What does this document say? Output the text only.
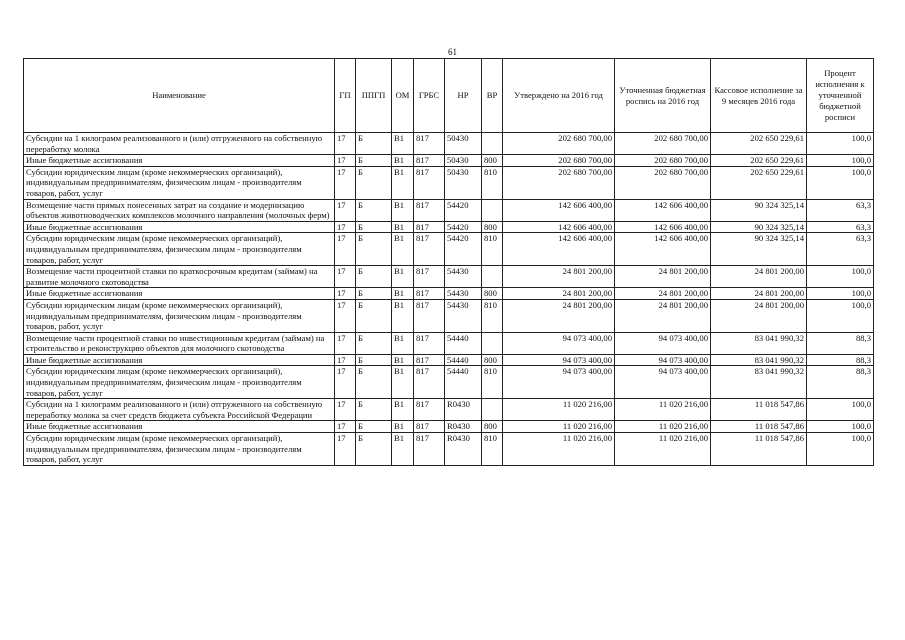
61
Наименование	ГП	ППГП	ОМ	ГРБС	НР	ВР	Утверждено на 2016 год	Уточненная бюджетная роспись на 2016 год	Кассовое исполнение за 9 месяцев 2016 года	Процент исполнения к уточненной бюджетной росписи
Субсидии на 1 килограмм реализованного и (или) отгруженного на собственную переработку молока	17	Б	В1	817	50430		202 680 700,00	202 680 700,00	202 650 229,61	100,0
Иные бюджетные ассигнования	17	Б	В1	817	50430	800	202 680 700,00	202 680 700,00	202 650 229,61	100,0
Субсидии юридическим лицам (кроме некоммерческих организаций), индивидуальным предпринимателям, физическим лицам - производителям товаров, работ, услуг	17	Б	В1	817	50430	810	202 680 700,00	202 680 700,00	202 650 229,61	100,0
Возмещение части прямых понесенных затрат на создание и модернизацию объектов животноводческих комплексов молочного направления (молочных ферм)	17	Б	В1	817	54420		142 606 400,00	142 606 400,00	90 324 325,14	63,3
Иные бюджетные ассигнования	17	Б	В1	817	54420	800	142 606 400,00	142 606 400,00	90 324 325,14	63,3
Субсидии юридическим лицам (кроме некоммерческих организаций), индивидуальным предпринимателям, физическим лицам - производителям товаров, работ, услуг	17	Б	В1	817	54420	810	142 606 400,00	142 606 400,00	90 324 325,14	63,3
Возмещение части процентной ставки по краткосрочным кредитам (займам) на развитие молочного скотоводства	17	Б	В1	817	54430		24 801 200,00	24 801 200,00	24 801 200,00	100,0
Иные бюджетные ассигнования	17	Б	В1	817	54430	800	24 801 200,00	24 801 200,00	24 801 200,00	100,0
Субсидии юридическим лицам (кроме некоммерческих организаций), индивидуальным предпринимателям, физическим лицам - производителям товаров, работ, услуг	17	Б	В1	817	54430	810	24 801 200,00	24 801 200,00	24 801 200,00	100,0
Возмещение части процентной ставки по инвестиционным кредитам (займам) на строительство и реконструкцию объектов для молочного скотоводства	17	Б	В1	817	54440		94 073 400,00	94 073 400,00	83 041 990,32	88,3
Иные бюджетные ассигнования	17	Б	В1	817	54440	800	94 073 400,00	94 073 400,00	83 041 990,32	88,3
Субсидии юридическим лицам (кроме некоммерческих организаций), индивидуальным предпринимателям, физическим лицам - производителям товаров, работ, услуг	17	Б	В1	817	54440	810	94 073 400,00	94 073 400,00	83 041 990,32	88,3
Субсидии на 1 килограмм реализованного и (или) отгруженного на собственную переработку молока за счет средств бюджета субъекта Российской Федерации	17	Б	В1	817	R0430		11 020 216,00	11 020 216,00	11 018 547,86	100,0
Иные бюджетные ассигнования	17	Б	В1	817	R0430	800	11 020 216,00	11 020 216,00	11 018 547,86	100,0
Субсидии юридическим лицам (кроме некоммерческих организаций), индивидуальным предпринимателям, физическим лицам - производителям товаров, работ, услуг	17	Б	В1	817	R0430	810	11 020 216,00	11 020 216,00	11 018 547,86	100,0
